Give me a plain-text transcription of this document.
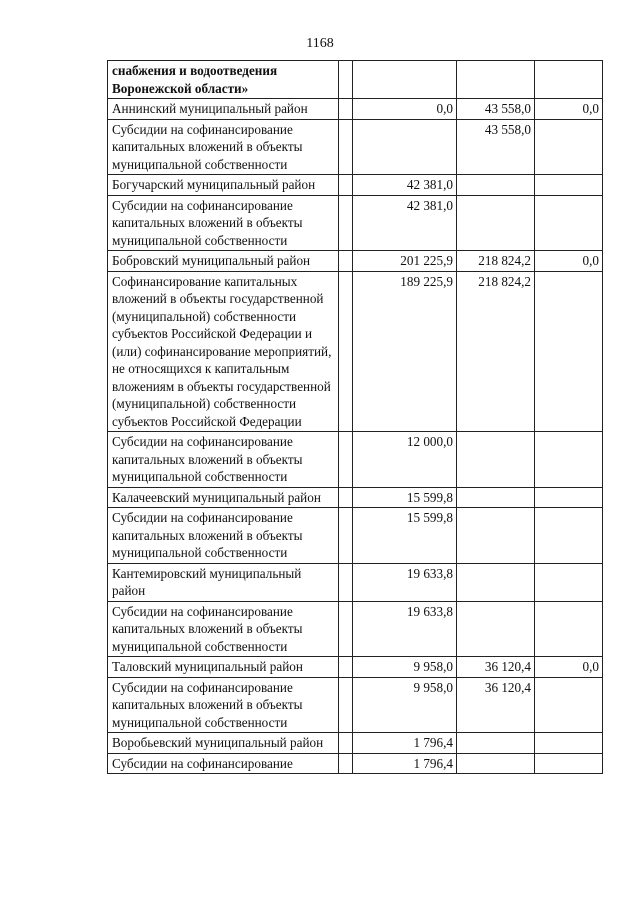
1168
снабжения и водоотведения Воронежской области»				
Аннинский муниципальный район		0,0	43 558,0	0,0
Субсидии на софинансирование капитальных вложений в объекты муниципальной собственности			43 558,0	
Богучарский муниципальный район		42 381,0		
Субсидии на софинансирование капитальных вложений в объекты муниципальной собственности		42 381,0		
Бобровский муниципальный район		201 225,9	218 824,2	0,0
Софинансирование капитальных вложений в объекты государственной (муниципальной) собственности субъектов Российской Федерации и (или) софинансирование мероприятий, не относящихся к капитальным вложениям в объекты государственной (муниципальной) собственности субъектов Российской Федерации		189 225,9	218 824,2	
Субсидии на софинансирование капитальных вложений в объекты муниципальной собственности		12 000,0		
Калачеевский муниципальный район		15 599,8		
Субсидии на софинансирование капитальных вложений в объекты муниципальной собственности		15 599,8		
Кантемировский муниципальный район		19 633,8		
Субсидии на софинансирование капитальных вложений в объекты муниципальной собственности		19 633,8		
Таловский муниципальный район		9 958,0	36 120,4	0,0
Субсидии на софинансирование капитальных вложений в объекты муниципальной собственности		9 958,0	36 120,4	
Воробьевский муниципальный район		1 796,4		
Субсидии на софинансирование		1 796,4		
